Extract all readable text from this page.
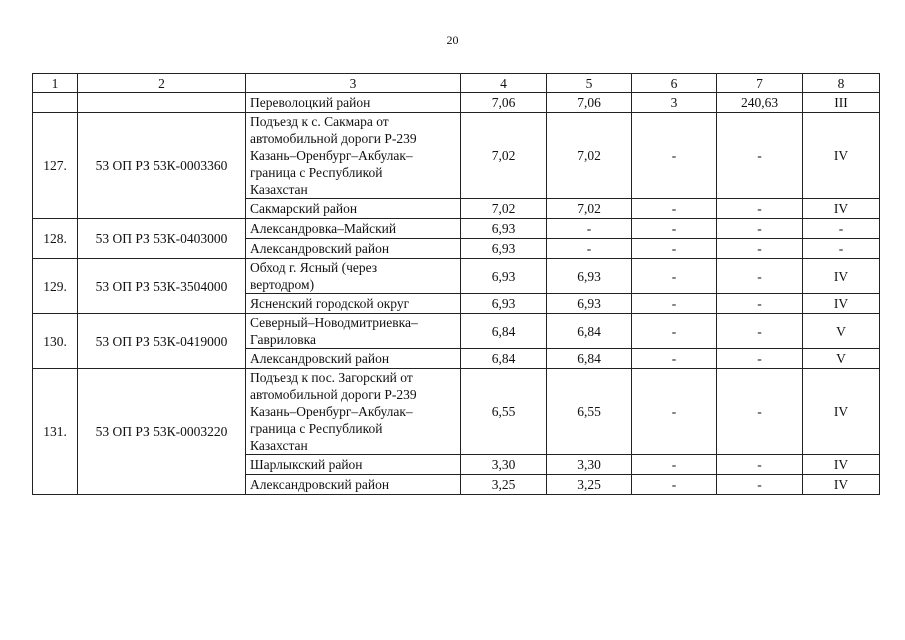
20
1	2	3	4	5	6	7	8
		Переволоцкий район	7,06	7,06	3	240,63	III
127.	53 ОП РЗ 53К-0003360	Подъезд к с. Сакмара от
автомобильной дороги Р-239
Казань–Оренбург–Акбулак–
граница с Республикой
Казахстан	7,02	7,02	-	-	IV
		Сакмарский район	7,02	7,02	-	-	IV
128.	53 ОП РЗ 53К-0403000	Александровка–Майский	6,93	-	-	-	-
		Александровский район	6,93	-	-	-	-
129.	53 ОП РЗ 53К-3504000	Обход г. Ясный (через
вертодром)	6,93	6,93	-	-	IV
		Ясненский городской округ	6,93	6,93	-	-	IV
130.	53 ОП РЗ 53К-0419000	Северный–Новодмитриевка–
Гавриловка	6,84	6,84	-	-	V
		Александровский район	6,84	6,84	-	-	V
131.	53 ОП РЗ 53К-0003220	Подъезд к пос. Загорский от
автомобильной дороги Р-239
Казань–Оренбург–Акбулак–
граница с Республикой
Казахстан	6,55	6,55	-	-	IV
		Шарлыкский район	3,30	3,30	-	-	IV
		Александровский район	3,25	3,25	-	-	IV
